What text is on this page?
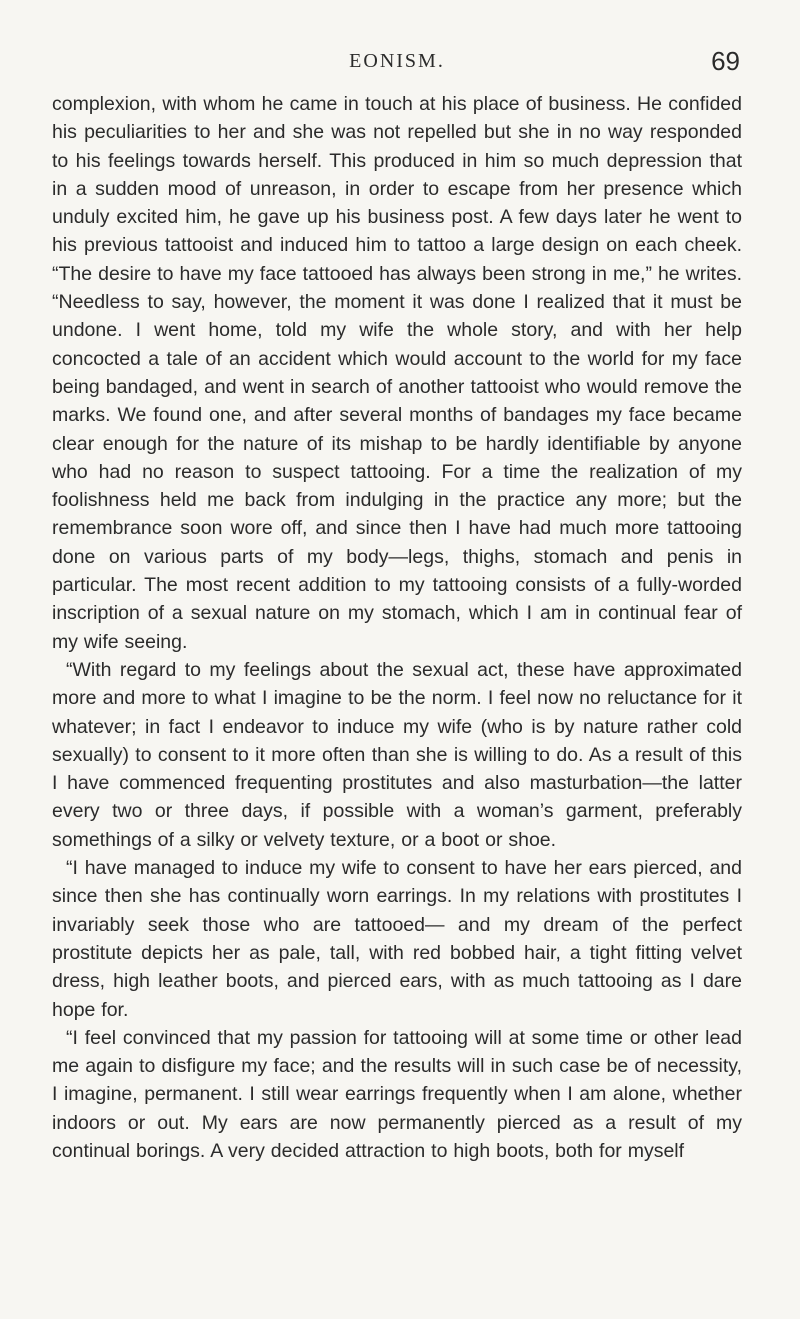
EONISM.	69

complexion, with whom he came in touch at his place of business. He confided his peculiarities to her and she was not repelled but she in no way responded to his feelings towards herself. This produced in him so much depression that in a sudden mood of unreason, in order to escape from her presence which unduly excited him, he gave up his business post. A few days later he went to his previous tattooist and induced him to tattoo a large design on each cheek. “The desire to have my face tattooed has always been strong in me,” he writes. “Needless to say, however, the moment it was done I realized that it must be undone. I went home, told my wife the whole story, and with her help concocted a tale of an accident which would account to the world for my face being bandaged, and went in search of another tattooist who would remove the marks. We found one, and after several months of bandages my face became clear enough for the nature of its mishap to be hardly identifiable by anyone who had no reason to suspect tattooing. For a time the realization of my foolishness held me back from indulging in the practice any more; but the remembrance soon wore off, and since then I have had much more tattooing done on various parts of my body—legs, thighs, stomach and penis in particular. The most recent addition to my tattooing consists of a fully-worded inscription of a sexual nature on my stomach, which I am in continual fear of my wife seeing.

“With regard to my feelings about the sexual act, these have approximated more and more to what I imagine to be the norm. I feel now no reluctance for it whatever; in fact I endeavor to induce my wife (who is by nature rather cold sexually) to consent to it more often than she is willing to do. As a result of this I have commenced frequenting prostitutes and also masturbation—the latter every two or three days, if possible with a woman’s garment, preferably somethings of a silky or velvety texture, or a boot or shoe.

“I have managed to induce my wife to consent to have her ears pierced, and since then she has continually worn earrings. In my relations with prostitutes I invariably seek those who are tattooed— and my dream of the perfect prostitute depicts her as pale, tall, with red bobbed hair, a tight fitting velvet dress, high leather boots, and pierced ears, with as much tattooing as I dare hope for.

“I feel convinced that my passion for tattooing will at some time or other lead me again to disfigure my face; and the results will in such case be of necessity, I imagine, permanent. I still wear earrings frequently when I am alone, whether indoors or out. My ears are now permanently pierced as a result of my continual borings. A very decided attraction to high boots, both for myself
